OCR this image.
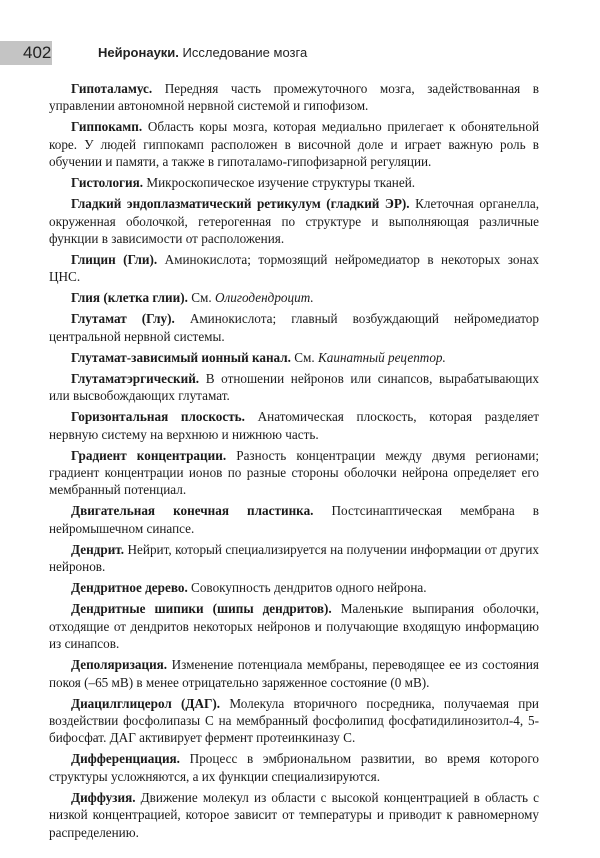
402	Нейронауки. Исследование мозга

Гипоталамус. Передняя часть промежуточного мозга, задействованная в управлении автономной нервной системой и гипофизом.

Гиппокамп. Область коры мозга, которая медиально прилегает к обонятельной коре. У людей гиппокамп расположен в височной доле и играет важную роль в обучении и памяти, а также в гипоталамо-гипофизарной регуляции.

Гистология. Микроскопическое изучение структуры тканей.

Гладкий эндоплазматический ретикулум (гладкий ЭР). Клеточная органелла, окруженная оболочкой, гетерогенная по структуре и выполняющая различные функции в зависимости от расположения.

Глицин (Гли). Аминокислота; тормозящий нейромедиатор в некоторых зонах ЦНС.

Глия (клетка глии). См. Олигодендроцит.

Глутамат (Глу). Аминокислота; главный возбуждающий нейромедиатор центральной нервной системы.

Глутамат-зависимый ионный канал. См. Каинатный рецептор.

Глутаматэргический. В отношении нейронов или синапсов, вырабатывающих или высвобождающих глутамат.

Горизонтальная плоскость. Анатомическая плоскость, которая разделяет нервную систему на верхнюю и нижнюю часть.

Градиент концентрации. Разность концентрации между двумя регионами; градиент концентрации ионов по разные стороны оболочки нейрона определяет его мембранный потенциал.

Двигательная конечная пластинка. Постсинаптическая мембрана в нейромышечном синапсе.

Дендрит. Нейрит, который специализируется на получении информации от других нейронов.

Дендритное дерево. Совокупность дендритов одного нейрона.

Дендритные шипики (шипы дендритов). Маленькие выпирания оболочки, отходящие от дендритов некоторых нейронов и получающие входящую информацию из синапсов.

Деполяризация. Изменение потенциала мембраны, переводящее ее из состояния покоя (–65 мВ) в менее отрицательно заряженное состояние (0 мВ).

Диацилглицерол (ДАГ). Молекула вторичного посредника, получаемая при воздействии фосфолипазы С на мембранный фосфолипид фосфатидилинозитол-4, 5-бифосфат. ДАГ активирует фермент протеинкиназу С.

Дифференциация. Процесс в эмбриональном развитии, во время которого структуры усложняются, а их функции специализируются.

Диффузия. Движение молекул из области с высокой концентрацией в область с низкой концентрацией, которое зависит от температуры и приводит к равномерному распределению.
